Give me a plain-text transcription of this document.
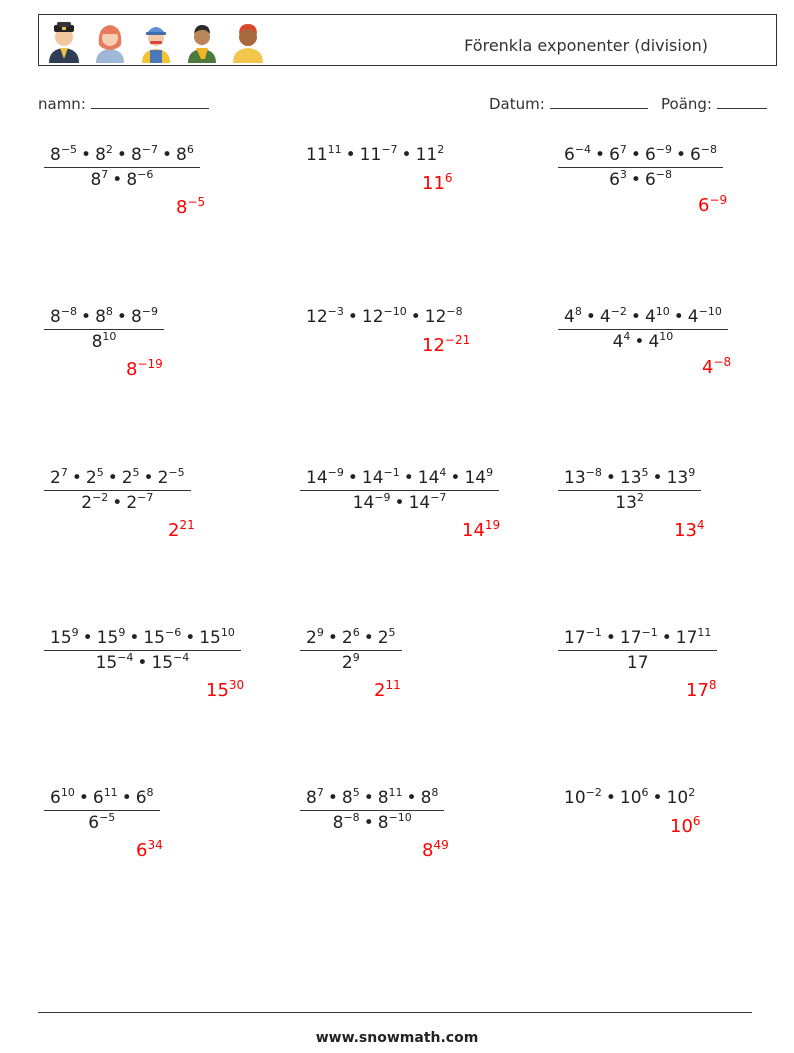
Förenkla exponenter (division)
namn:	Datum:	Poäng:
$\frac{8^{-5} • 8^2 • 8^{-7} • 8^6}{8^7 • 8^{-6}}$
$8^{-5}$
$11^{11}$ • $11^{-7}$ • $11^2$
$11^6$	$\frac{6^{-4} • 6^7 • 6^{-9} • 6^{-8}}{6^3 • 6^{-8}}$
$6^{-9}$
$\frac{8^{-8} • 8^8 • 8^{-9}}{8^{10}}$
$8^{-19}$
$12^{-3}$ • $12^{-10}$ • $12^{-8}$
$12^{-21}$	$\frac{4^8 • 4^{-2} • 4^{10} • 4^{-10}}{4^4 • 4^{10}}$
$4^{-8}$
$\frac{2^7 • 2^5 • 2^5 • 2^{-5}}{2^{-2} • 2^{-7}}$
$2^{21}$
$\frac{14^{-9} • 14^{-1} • 14^4 • 14^9}{14^{-9} • 14^{-7}}$
$14^{19}$
$\frac{13^{-8} • 13^5 • 13^9}{13^2}$
$13^4$
$\frac{15^9 • 15^9 • 15^{-6} • 15^{10}}{15^{-4} • 15^{-4}}$
$15^{30}$
$\frac{2^9 • 2^6 • 2^5}{2^9}$
$2^{11}$
$\frac{17^{-1} • 17^{-1} • 17^{11}}{17}$
$17^8$
$\frac{6^{10} • 6^{11} • 6^8}{6^{-5}}$
$6^{34}$
$\frac{8^7 • 8^5 • 8^{11} • 8^8}{8^{-8} • 8^{-10}}$
$8^{49}$
$10^{-2}$ • $10^6$ • $10^2$
$10^6$
www.snowmath.com
